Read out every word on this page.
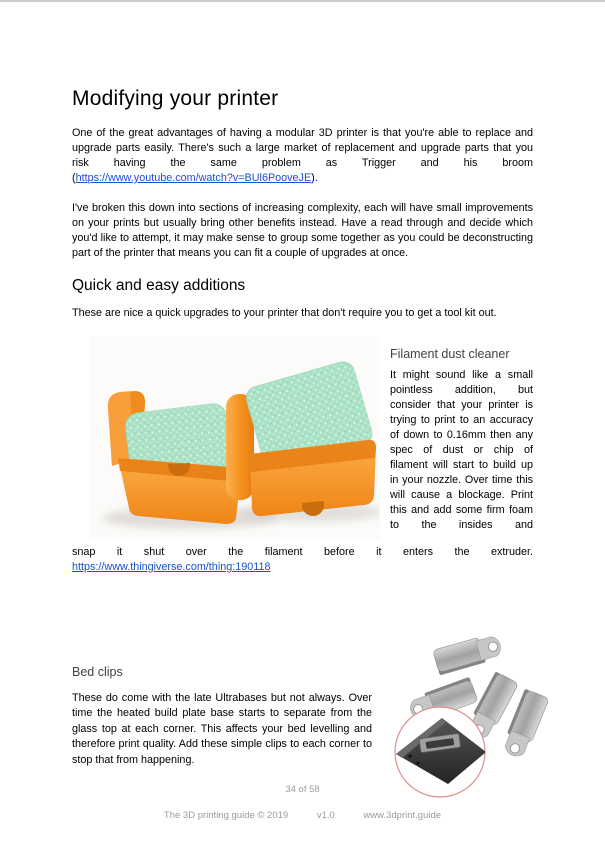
Modifying your printer

One of the great advantages of having a modular 3D printer is that you're able to replace and upgrade parts easily. There's such a large market of replacement and upgrade parts that you risk having the same problem as Trigger and his broom (https://www.youtube.com/watch?v=BUl6PooveJE).

I've broken this down into sections of increasing complexity, each will have small improvements on your prints but usually bring other benefits instead. Have a read through and decide which you'd like to attempt, it may make sense to group some together as you could be deconstructing part of the printer that means you can fit a couple of upgrades at once.

Quick and easy additions

These are nice a quick upgrades to your printer that don't require you to get a tool kit out.

Filament dust cleaner

It might sound like a small pointless addition, but consider that your printer is trying to print to an accuracy of down to 0.16mm then any spec of dust or chip of filament will start to build up in your nozzle. Over time this will cause a blockage. Print this and add some firm foam to the insides and

snap it shut over the filament before it enters the extruder.

https://www.thingiverse.com/thing:190118

Bed clips

These do come with the late Ultrabases but not always. Over time the heated build plate base starts to separate from the glass top at each corner. This affects your bed levelling and therefore print quality. Add these simple clips to each corner to stop that from happening.

34 of 58
The 3D printing guide © 2019	v1.0	www.3dprint.guide
